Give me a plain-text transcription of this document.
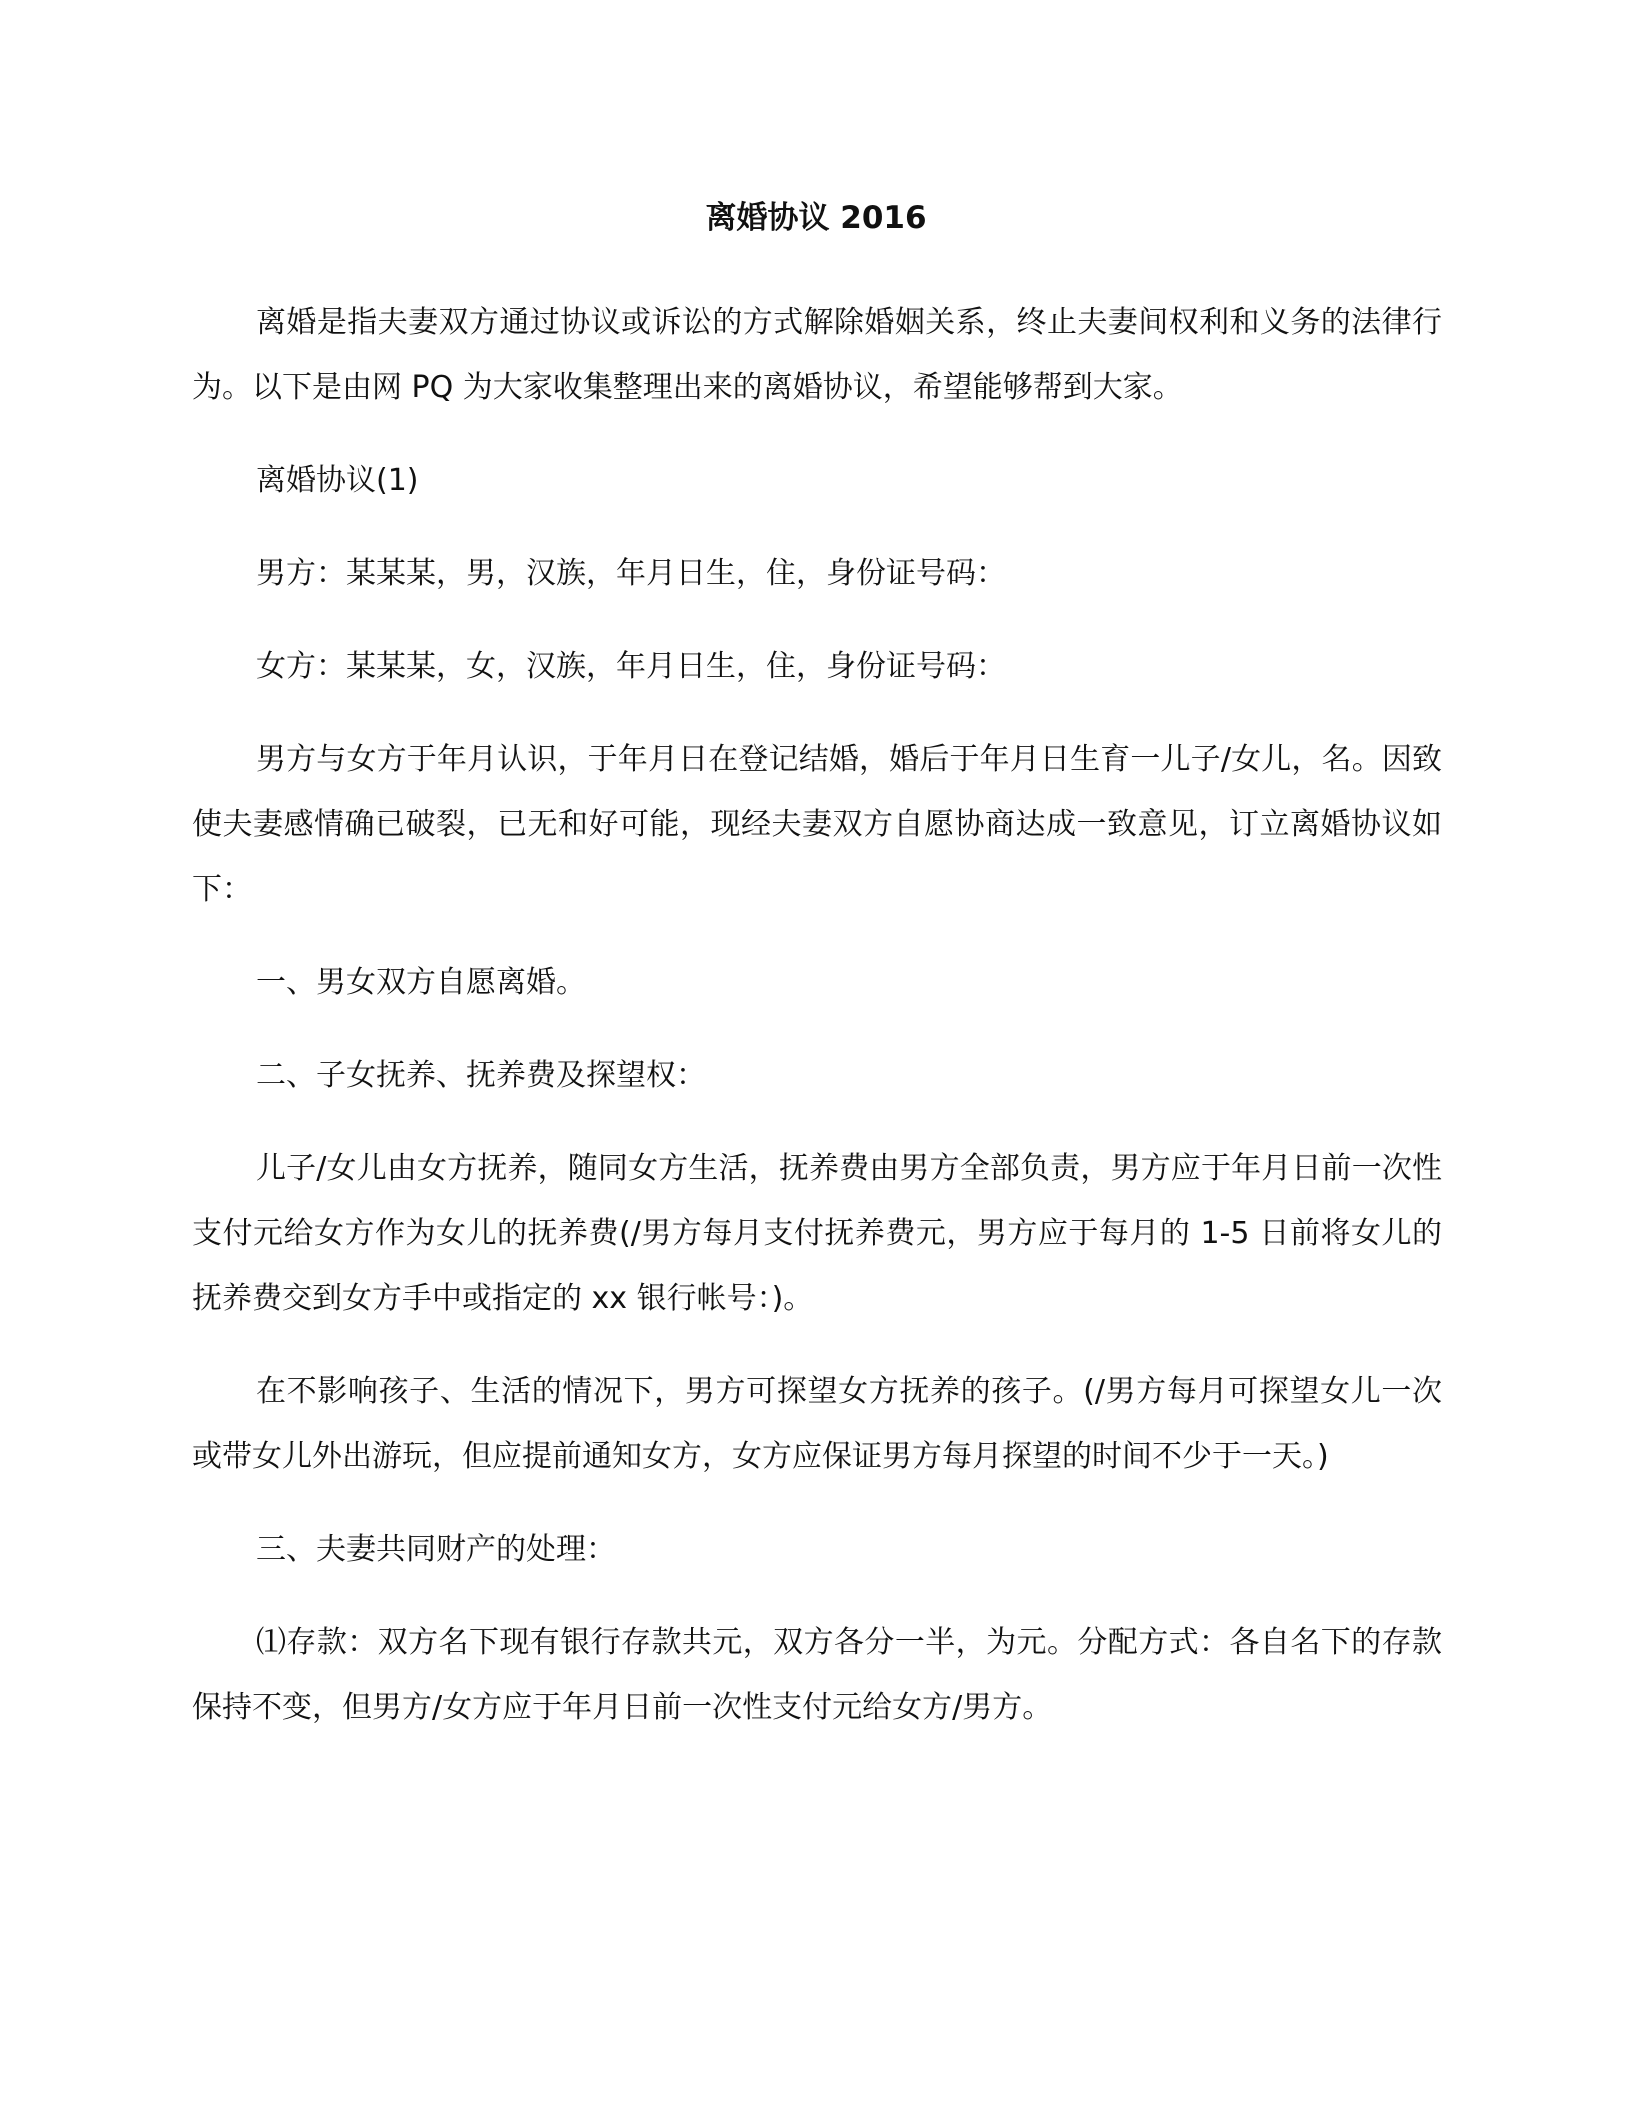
离婚协议 2016

离婚是指夫妻双方通过协议或诉讼的方式解除婚姻关系，终止夫妻间权利和义务的法律行为。以下是由网 PQ 为大家收集整理出来的离婚协议，希望能够帮到大家。

离婚协议(1)

男方：某某某，男，汉族，年月日生，住，身份证号码：

女方：某某某，女，汉族，年月日生，住，身份证号码：

男方与女方于年月认识，于年月日在登记结婚，婚后于年月日生育一儿子/女儿，名。因致使夫妻感情确已破裂，已无和好可能，现经夫妻双方自愿协商达成一致意见，订立离婚协议如下：

一、男女双方自愿离婚。

二、子女抚养、抚养费及探望权：

儿子/女儿由女方抚养，随同女方生活，抚养费由男方全部负责，男方应于年月日前一次性支付元给女方作为女儿的抚养费(/男方每月支付抚养费元，男方应于每月的 1-5 日前将女儿的抚养费交到女方手中或指定的 xx 银行帐号：)。

在不影响孩子、生活的情况下，男方可探望女方抚养的孩子。(/男方每月可探望女儿一次或带女儿外出游玩，但应提前通知女方，女方应保证男方每月探望的时间不少于一天。)

三、夫妻共同财产的处理：

⑴存款：双方名下现有银行存款共元，双方各分一半，为元。分配方式：各自名下的存款保持不变，但男方/女方应于年月日前一次性支付元给女方/男方。
